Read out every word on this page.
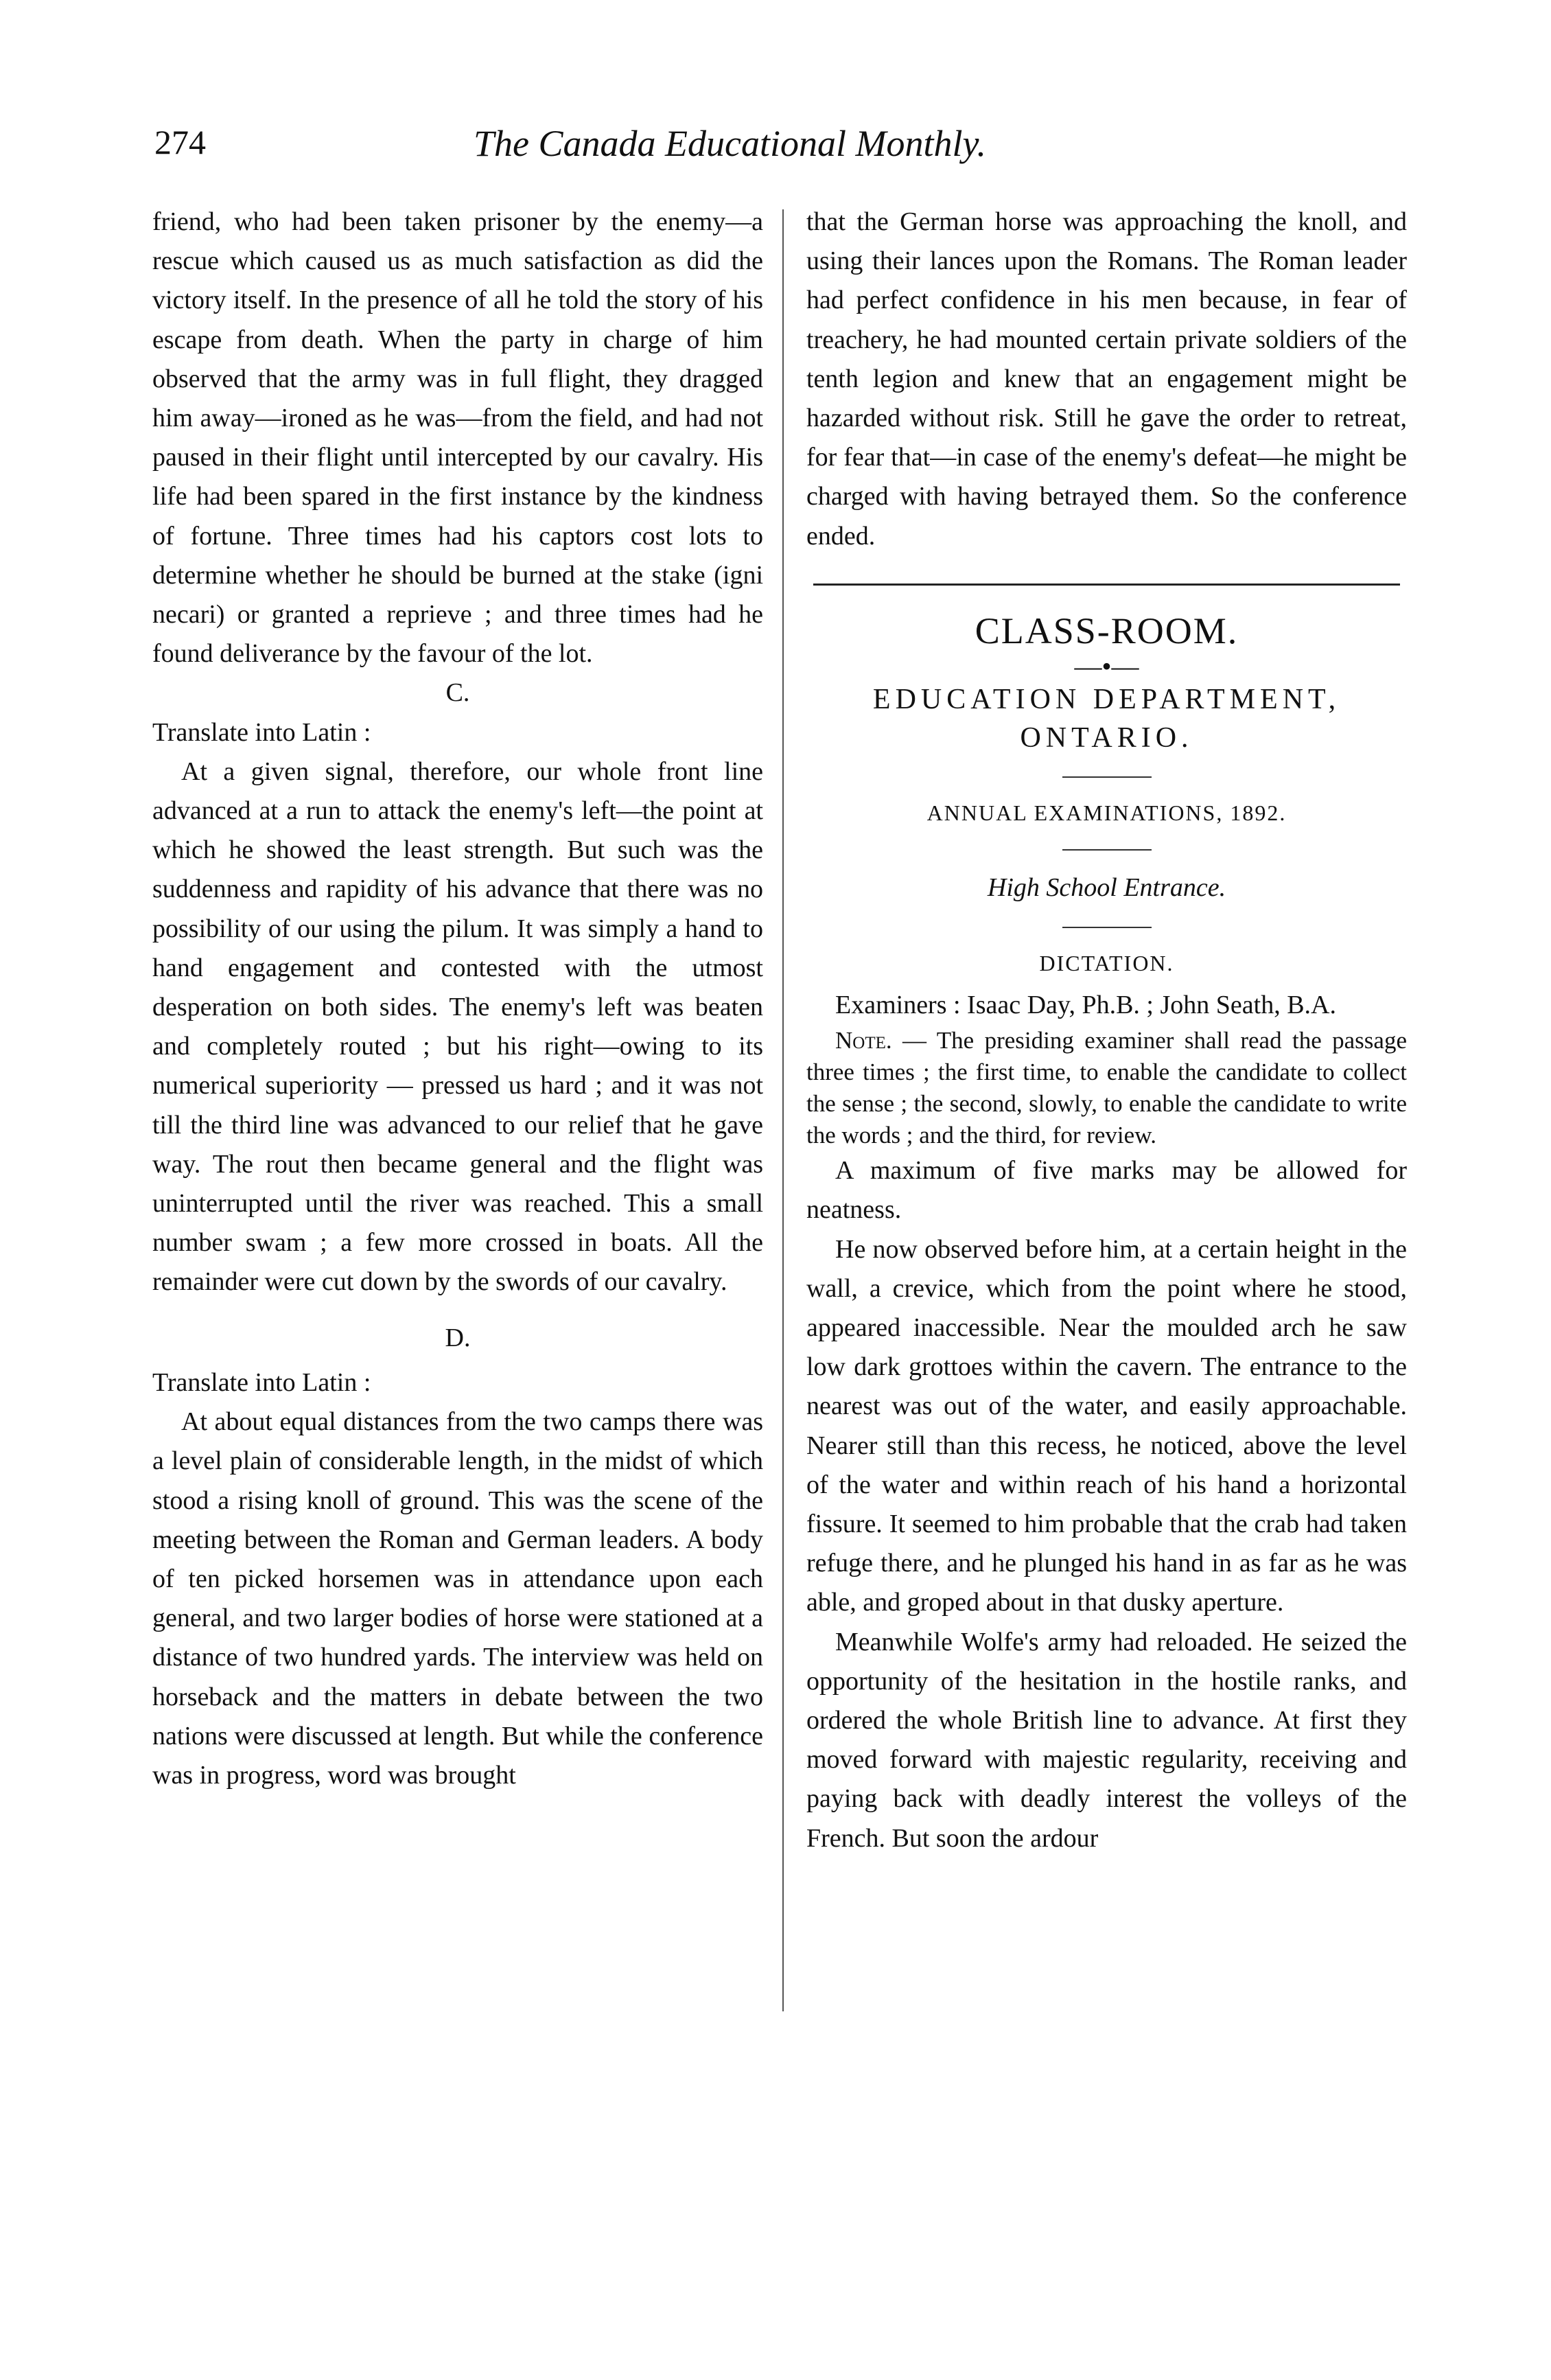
274	The Canada Educational Monthly.

friend, who had been taken prisoner by the enemy—a rescue which caused us as much satisfaction as did the victory itself. In the presence of all he told the story of his escape from death. When the party in charge of him observed that the army was in full flight, they dragged him away—ironed as he was—from the field, and had not paused in their flight until intercepted by our cavalry. His life had been spared in the first instance by the kindness of fortune. Three times had his captors cost lots to determine whether he should be burned at the stake (igni necari) or granted a reprieve ; and three times had he found deliverance by the favour of the lot.

C.

Translate into Latin :

At a given signal, therefore, our whole front line advanced at a run to attack the enemy's left—the point at which he showed the least strength. But such was the suddenness and rapidity of his advance that there was no possibility of our using the pilum. It was simply a hand to hand engagement and contested with the utmost desperation on both sides. The enemy's left was beaten and completely routed ; but his right—owing to its numerical superiority — pressed us hard ; and it was not till the third line was advanced to our relief that he gave way. The rout then became general and the flight was uninterrupted until the river was reached. This a small number swam ; a few more crossed in boats. All the remainder were cut down by the swords of our cavalry.

D.

Translate into Latin :

At about equal distances from the two camps there was a level plain of considerable length, in the midst of which stood a rising knoll of ground. This was the scene of the meeting between the Roman and German leaders. A body of ten picked horsemen was in attendance upon each general, and two larger bodies of horse were stationed at a distance of two hundred yards. The interview was held on horseback and the matters in debate between the two nations were discussed at length. But while the conference was in progress, word was brought

that the German horse was approaching the knoll, and using their lances upon the Romans. The Roman leader had perfect confidence in his men because, in fear of treachery, he had mounted certain private soldiers of the tenth legion and knew that an engagement might be hazarded without risk. Still he gave the order to retreat, for fear that—in case of the enemy's defeat—he might be charged with having betrayed them. So the conference ended.

CLASS-ROOM.

—•—

EDUCATION DEPARTMENT,

ONTARIO.

ANNUAL EXAMINATIONS, 1892.

High School Entrance.

DICTATION.

Examiners : Isaac Day, Ph.B. ; John Seath, B.A.

Note. — The presiding examiner shall read the passage three times ; the first time, to enable the candidate to collect the sense ; the second, slowly, to enable the candidate to write the words ; and the third, for review.

A maximum of five marks may be allowed for neatness.

He now observed before him, at a certain height in the wall, a crevice, which from the point where he stood, appeared inaccessible. Near the moulded arch he saw low dark grottoes within the cavern. The entrance to the nearest was out of the water, and easily approachable. Nearer still than this recess, he noticed, above the level of the water and within reach of his hand a horizontal fissure. It seemed to him probable that the crab had taken refuge there, and he plunged his hand in as far as he was able, and groped about in that dusky aperture.

Meanwhile Wolfe's army had reloaded. He seized the opportunity of the hesitation in the hostile ranks, and ordered the whole British line to advance. At first they moved forward with majestic regularity, receiving and paying back with deadly interest the volleys of the French. But soon the ardour
